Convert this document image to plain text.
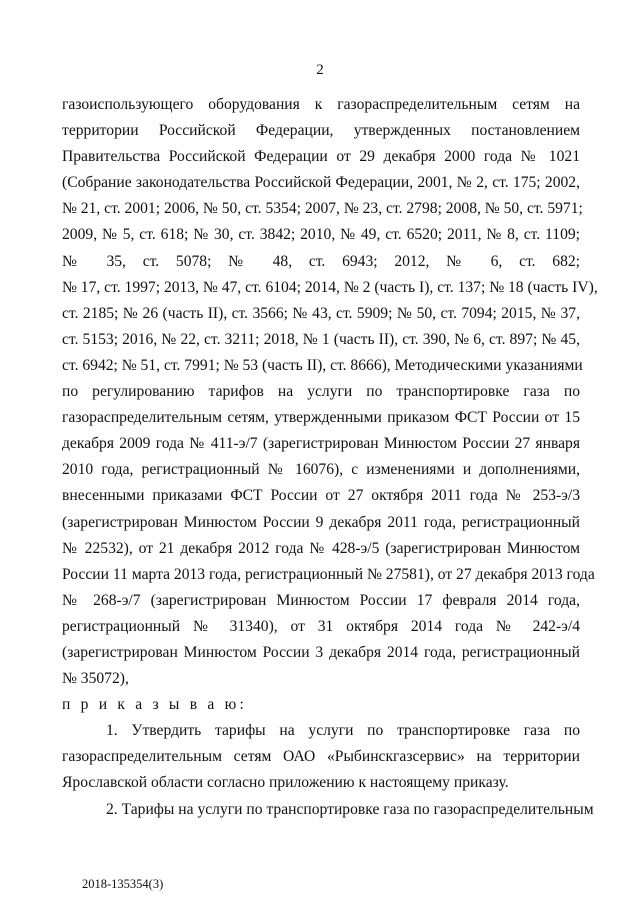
2
газоиспользующего оборудования к газораспределительным сетям на
территории Российской Федерации, утвержденных постановлением
Правительства Российской Федерации от 29 декабря 2000 года № 1021
(Собрание законодательства Российской Федерации, 2001, № 2, ст. 175; 2002,
№ 21, ст. 2001; 2006, № 50, ст. 5354; 2007, № 23, ст. 2798; 2008, № 50, ст. 5971;
2009, № 5, ст. 618; № 30, ст. 3842; 2010, № 49, ст. 6520; 2011, № 8, ст. 1109;
№ 35, ст. 5078; № 48, ст. 6943; 2012, № 6, ст. 682;
№ 17, ст. 1997; 2013, № 47, ст. 6104; 2014, № 2 (часть I), ст. 137; № 18 (часть IV),
ст. 2185; № 26 (часть II), ст. 3566; № 43, ст. 5909; № 50, ст. 7094; 2015, № 37,
ст. 5153; 2016, № 22, ст. 3211; 2018, № 1 (часть II), ст. 390, № 6, ст. 897; № 45,
ст. 6942; № 51, ст. 7991; № 53 (часть II), ст. 8666), Методическими указаниями
по регулированию тарифов на услуги по транспортировке газа по
газораспределительным сетям, утвержденными приказом ФСТ России от 15
декабря 2009 года № 411-э/7 (зарегистрирован Минюстом России 27 января
2010 года, регистрационный № 16076), с изменениями и дополнениями,
внесенными приказами ФСТ России от 27 октября 2011 года № 253-э/3
(зарегистрирован Минюстом России 9 декабря 2011 года, регистрационный
№ 22532), от 21 декабря 2012 года № 428-э/5 (зарегистрирован Минюстом
России 11 марта 2013 года, регистрационный № 27581), от 27 декабря 2013 года
№ 268-э/7 (зарегистрирован Минюстом России 17 февраля 2014 года,
регистрационный № 31340), от 31 октября 2014 года № 242-э/4
(зарегистрирован Минюстом России 3 декабря 2014 года, регистрационный
№ 35072),
п р и к а з ы в а ю:
1. Утвердить тарифы на услуги по транспортировке газа по
газораспределительным сетям ОАО «Рыбинскгазсервис» на территории
Ярославской области согласно приложению к настоящему приказу.
2. Тарифы на услуги по транспортировке газа по газораспределительным
2018-135354(3)
